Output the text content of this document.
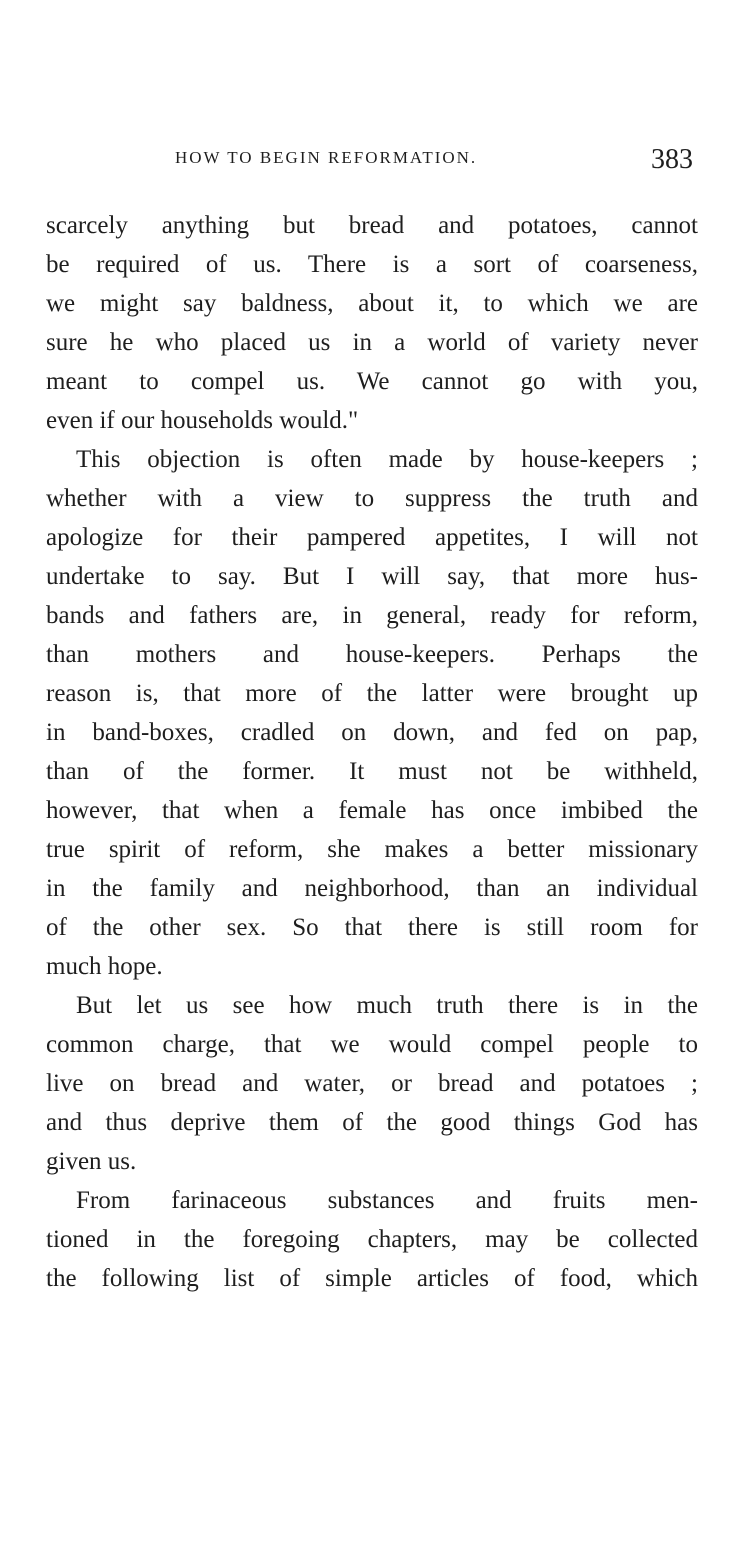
HOW TO BEGIN REFORMATION.	383
scarcely anything but bread and potatoes, cannot
be required of us. There is a sort of coarseness,
we might say baldness, about it, to which we are
sure he who placed us in a world of variety never
meant to compel us. We cannot go with you,
even if our households would."
This objection is often made by house-keepers ;
whether with a view to suppress the truth and
apologize for their pampered appetites, I will not
undertake to say. But I will say, that more hus-
bands and fathers are, in general, ready for reform,
than mothers and house-keepers. Perhaps the
reason is, that more of the latter were brought up
in band-boxes, cradled on down, and fed on pap,
than of the former. It must not be withheld,
however, that when a female has once imbibed the
true spirit of reform, she makes a better missionary
in the family and neighborhood, than an individual
of the other sex. So that there is still room for
much hope.
But let us see how much truth there is in the
common charge, that we would compel people to
live on bread and water, or bread and potatoes ;
and thus deprive them of the good things God has
given us.
From farinaceous substances and fruits men-
tioned in the foregoing chapters, may be collected
the following list of simple articles of food, which
